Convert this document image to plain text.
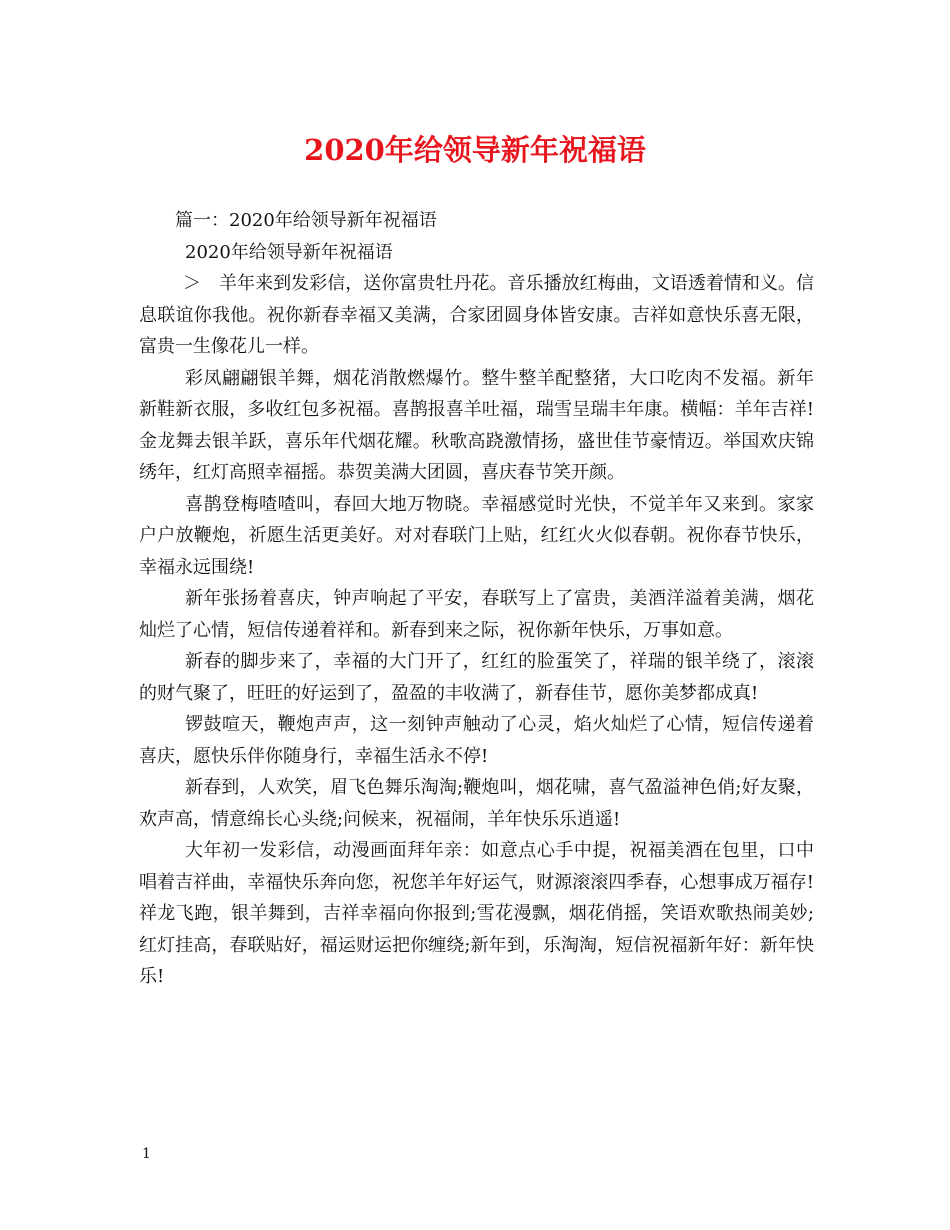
2020年给领导新年祝福语

篇一：2020年给领导新年祝福语

2020年给领导新年祝福语

＞　羊年来到发彩信，送你富贵牡丹花。音乐播放红梅曲，文语透着情和义。信息联谊你我他。祝你新春幸福又美满，合家团圆身体皆安康。吉祥如意快乐喜无限，富贵一生像花儿一样。

彩凤翩翩银羊舞，烟花消散燃爆竹。整牛整羊配整猪，大口吃肉不发福。新年新鞋新衣服，多收红包多祝福。喜鹊报喜羊吐福，瑞雪呈瑞丰年康。横幅：羊年吉祥!金龙舞去银羊跃，喜乐年代烟花耀。秋歌高跷激情扬，盛世佳节豪情迈。举国欢庆锦绣年，红灯高照幸福摇。恭贺美满大团圆，喜庆春节笑开颜。

喜鹊登梅喳喳叫，春回大地万物晓。幸福感觉时光快，不觉羊年又来到。家家户户放鞭炮，祈愿生活更美好。对对春联门上贴，红红火火似春朝。祝你春节快乐，幸福永远围绕!

新年张扬着喜庆，钟声响起了平安，春联写上了富贵，美酒洋溢着美满，烟花灿烂了心情，短信传递着祥和。新春到来之际，祝你新年快乐，万事如意。

新春的脚步来了，幸福的大门开了，红红的脸蛋笑了，祥瑞的银羊绕了，滚滚的财气聚了，旺旺的好运到了，盈盈的丰收满了，新春佳节，愿你美梦都成真!

锣鼓喧天，鞭炮声声，这一刻钟声触动了心灵，焰火灿烂了心情，短信传递着喜庆，愿快乐伴你随身行，幸福生活永不停!

新春到，人欢笑，眉飞色舞乐淘淘;鞭炮叫，烟花啸，喜气盈溢神色俏;好友聚，欢声高，情意绵长心头绕;问候来，祝福闹，羊年快乐乐逍遥!

大年初一发彩信，动漫画面拜年亲：如意点心手中提，祝福美酒在包里，口中唱着吉祥曲，幸福快乐奔向您，祝您羊年好运气，财源滚滚四季春，心想事成万福存!祥龙飞跑，银羊舞到，吉祥幸福向你报到;雪花漫飘，烟花俏摇，笑语欢歌热闹美妙;红灯挂高，春联贴好，福运财运把你缠绕;新年到，乐淘淘，短信祝福新年好：新年快乐!

1
